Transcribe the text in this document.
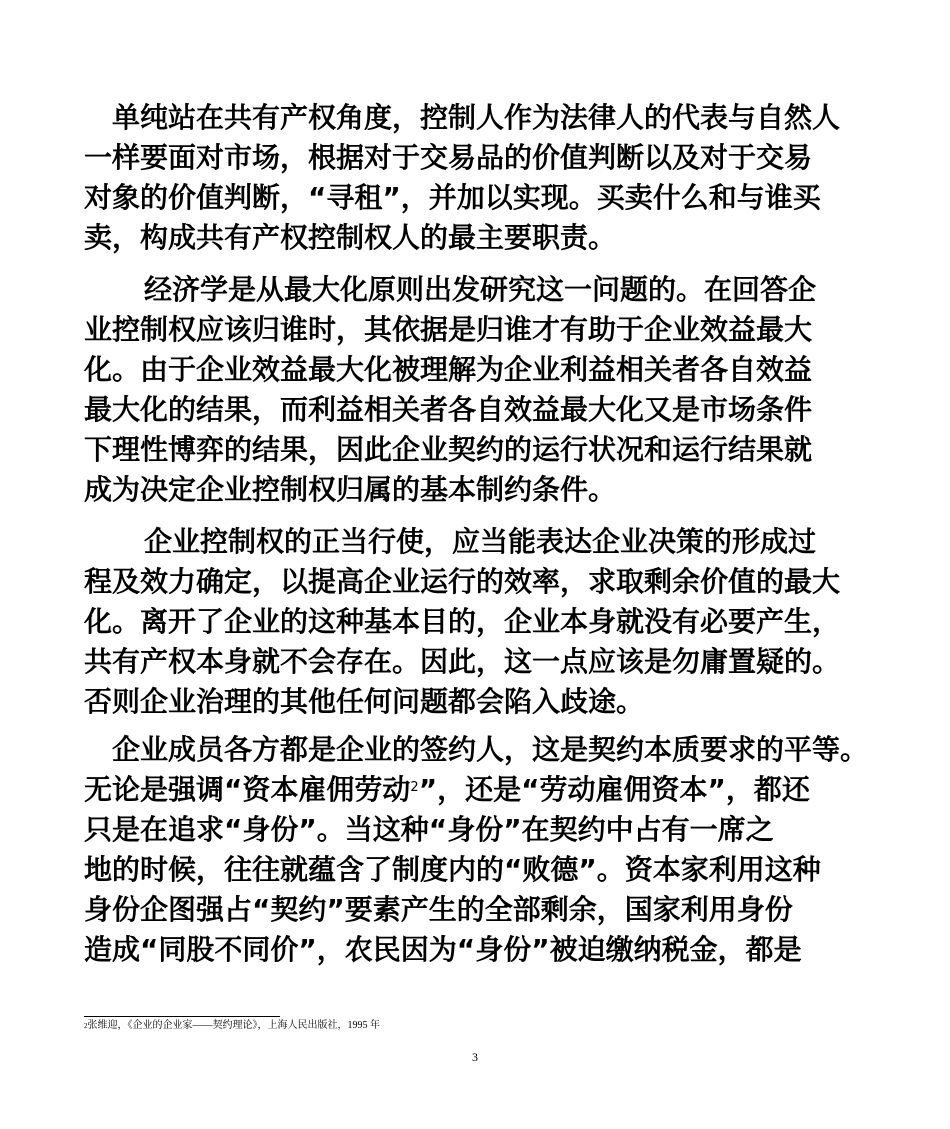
单纯站在共有产权角度，控制人作为法律人的代表与自然人
一样要面对市场，根据对于交易品的价值判断以及对于交易
对象的价值判断，“寻租”，并加以实现。买卖什么和与谁买
卖，构成共有产权控制权人的最主要职责。
经济学是从最大化原则出发研究这一问题的。在回答企
业控制权应该归谁时，其依据是归谁才有助于企业效益最大
化。由于企业效益最大化被理解为企业利益相关者各自效益
最大化的结果，而利益相关者各自效益最大化又是市场条件
下理性博弈的结果，因此企业契约的运行状况和运行结果就
成为决定企业控制权归属的基本制约条件。
企业控制权的正当行使，应当能表达企业决策的形成过
程及效力确定，以提高企业运行的效率，求取剩余价值的最大
化。离开了企业的这种基本目的，企业本身就没有必要产生，
共有产权本身就不会存在。因此，这一点应该是勿庸置疑的。
否则企业治理的其他任何问题都会陷入歧途。
企业成员各方都是企业的签约人，这是契约本质要求的平等。
无论是强调“资本雇佣劳动$^2$”，还是“劳动雇佣资本”，都还
只是在追求“身份”。当这种“身份”在契约中占有一席之
地的时候，往往就蕴含了制度内的“败德”。资本家利用这种
身份企图强占“契约”要素产生的全部剩余，国家利用身份
造成“同股不同价”，农民因为“身份”被迫缴纳税金，都是
$^2$张维迎，《企业的企业家——契约理论》，上海人民出版社，1995 年
3
